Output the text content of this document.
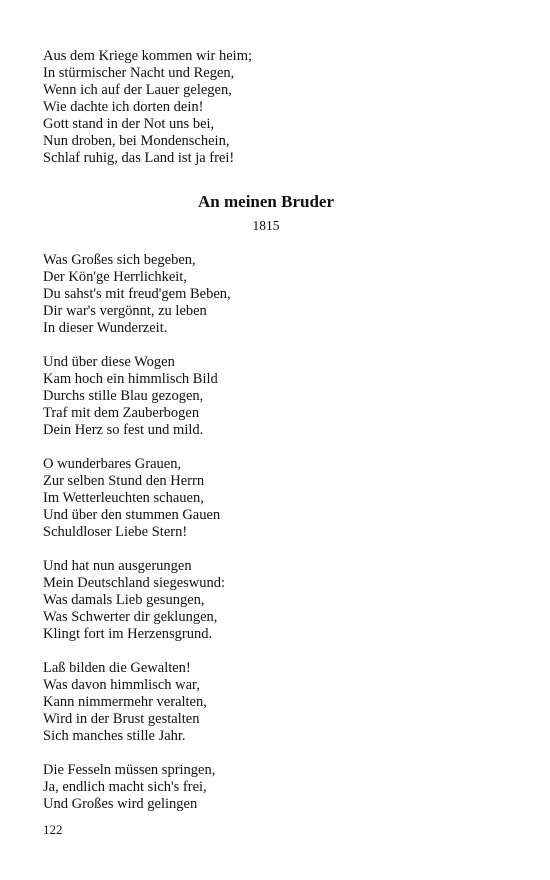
Aus dem Kriege kommen wir heim;
In stürmischer Nacht und Regen,
Wenn ich auf der Lauer gelegen,
Wie dachte ich dorten dein!
Gott stand in der Not uns bei,
Nun droben, bei Mondenschein,
Schlaf ruhig, das Land ist ja frei!
An meinen Bruder
1815
Was Großes sich begeben,
Der Kön'ge Herrlichkeit,
Du sahst's mit freud'gem Beben,
Dir war's vergönnt, zu leben
In dieser Wunderzeit.
Und über diese Wogen
Kam hoch ein himmlisch Bild
Durchs stille Blau gezogen,
Traf mit dem Zauberbogen
Dein Herz so fest und mild.
O wunderbares Grauen,
Zur selben Stund den Herrn
Im Wetterleuchten schauen,
Und über den stummen Gauen
Schuldloser Liebe Stern!
Und hat nun ausgerungen
Mein Deutschland siegeswund:
Was damals Lieb gesungen,
Was Schwerter dir geklungen,
Klingt fort im Herzensgrund.
Laß bilden die Gewalten!
Was davon himmlisch war,
Kann nimmermehr veralten,
Wird in der Brust gestalten
Sich manches stille Jahr.
Die Fesseln müssen springen,
Ja, endlich macht sich's frei,
Und Großes wird gelingen
122
